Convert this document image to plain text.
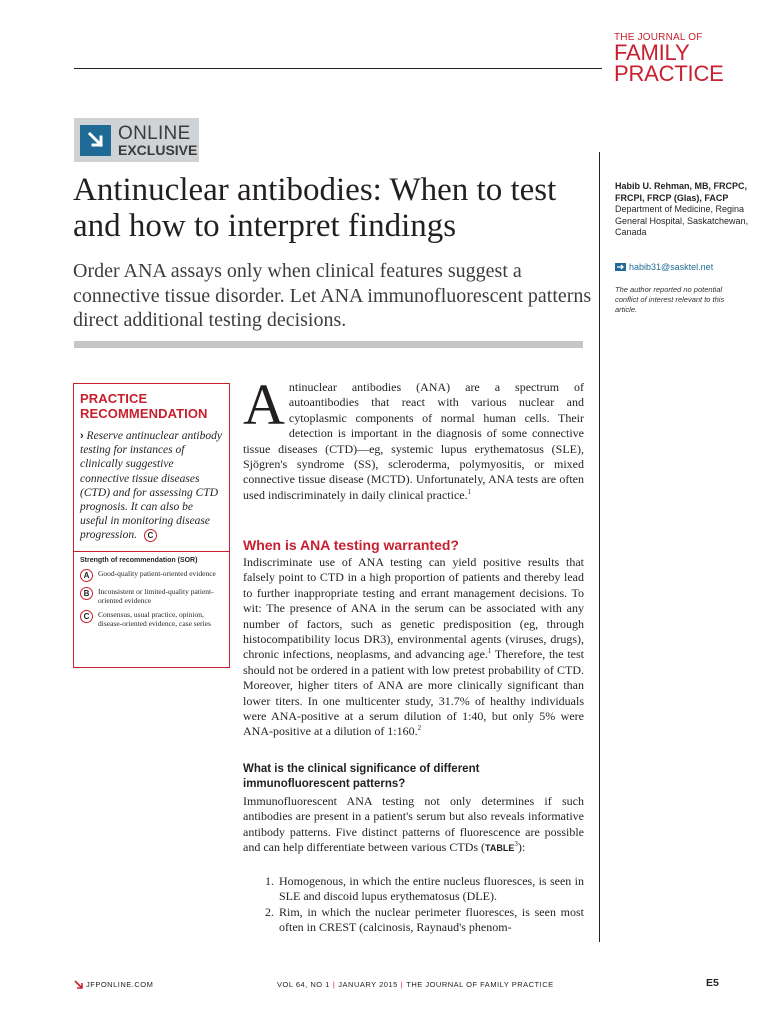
THE JOURNAL OF
FAMILY
PRACTICE
ONLINE
EXCLUSIVE
Antinuclear antibodies: When to test and how to interpret findings

Order ANA assays only when clinical features suggest a connective tissue disorder. Let ANA immunofluorescent patterns direct additional testing decisions.

Habib U. Rehman, MB, FRCPC, FRCPI, FRCP (Glas), FACP
Department of Medicine, Regina General Hospital, Saskatchewan, Canada
habib31@sasktel.net

The author reported no potential conflict of interest relevant to this article.

PRACTICE RECOMMENDATION

› Reserve antinuclear antibody testing for instances of clinically suggestive connective tissue diseases (CTD) and for assessing CTD prognosis. It can also be useful in monitoring disease progression. C

Strength of recommendation (SOR)
A	Good-quality patient-oriented evidence
B	Inconsistent or limited-quality patient-oriented evidence
C	Consensus, usual practice, opinion, disease-oriented evidence, case series
Antinuclear antibodies (ANA) are a spectrum of autoantibodies that react with various nuclear and cytoplasmic components of normal human cells. Their detection is important in the diagnosis of some connective tissue diseases (CTD)—eg, systemic lupus erythematosus (SLE), Sjögren's syndrome (SS), scleroderma, polymyositis, or mixed connective tissue disease (MCTD). Unfortunately, ANA tests are often used indiscriminately in daily clinical practice.$^1$
When is ANA testing warranted?
Indiscriminate use of ANA testing can yield positive results that falsely point to CTD in a high proportion of patients and thereby lead to further inappropriate testing and errant management decisions. To wit: The presence of ANA in the serum can be associated with any number of factors, such as genetic predisposition (eg, through histocompatibility locus DR3), environmental agents (viruses, drugs), chronic infections, neoplasms, and advancing age.$^1$ Therefore, the test should not be ordered in a patient with low pretest probability of CTD. Moreover, higher titers of ANA are more clinically significant than lower titers. In one multicenter study, 31.7% of healthy individuals were ANA-positive at a serum dilution of 1:40, but only 5% were ANA-positive at a dilution of 1:160.$^2$
What is the clinical significance of different immunofluorescent patterns?
Immunofluorescent ANA testing not only determines if such antibodies are present in a patient's serum but also reveals informative antibody patterns. Five distinct patterns of fluorescence are possible and can help differentiate between various CTDs (TABLE$^3$):
1. Homogenous, in which the entire nucleus fluoresces, is seen in SLE and discoid lupus erythematosus (DLE).
2. Rim, in which the nuclear perimeter fluoresces, is seen most often in CREST (calcinosis, Raynaud's phenom-
JFPONLINE.COM	VOL 64, NO 1 | JANUARY 2015 | THE JOURNAL OF FAMILY PRACTICE	E5
